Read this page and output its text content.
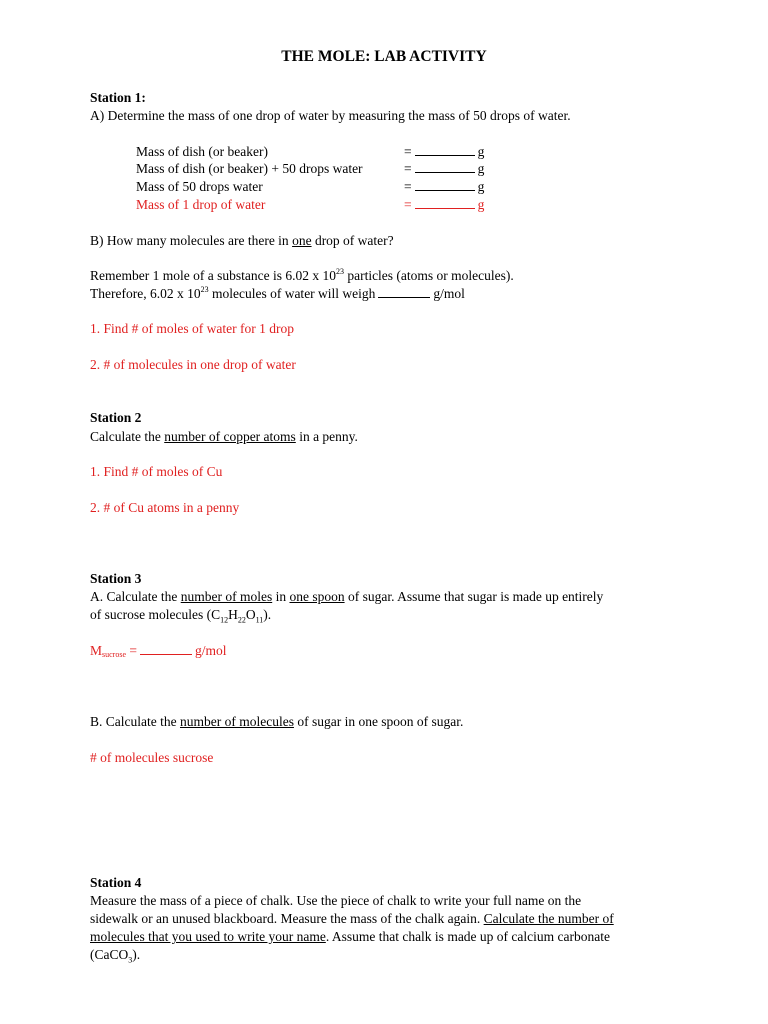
THE MOLE: LAB ACTIVITY
Station 1:
A) Determine the mass of one drop of water by measuring the mass of 50 drops of water.
Mass of dish (or beaker)	=	g
Mass of dish (or beaker) + 50 drops water	=	g
Mass of 50 drops water	=	g
Mass of 1 drop of water	=	g
B) How many molecules are there in one drop of water?
Remember 1 mole of a substance is 6.02 x $10^{23}$ particles (atoms or molecules).
Therefore, 6.02 x $10^{23}$ molecules of water will weigh	g/mol
1. Find # of moles of water for 1 drop
2. # of molecules in one drop of water
Station 2
Calculate the number of copper atoms in a penny.
1. Find # of moles of Cu
2. # of Cu atoms in a penny
Station 3
A. Calculate the number of moles in one spoon of sugar. Assume that sugar is made up entirely
of sucrose molecules $(C_{12}H_{22}O_{11})$.
Msucrose =	g/mol
B. Calculate the number of molecules of sugar in one spoon of sugar.
# of molecules sucrose
Station 4
Measure the mass of a piece of chalk. Use the piece of chalk to write your full name on the
sidewalk or an unused blackboard. Measure the mass of the chalk again. Calculate the number of
molecules that you used to write your name. Assume that chalk is made up of calcium carbonate
(CaCO$_3$).
